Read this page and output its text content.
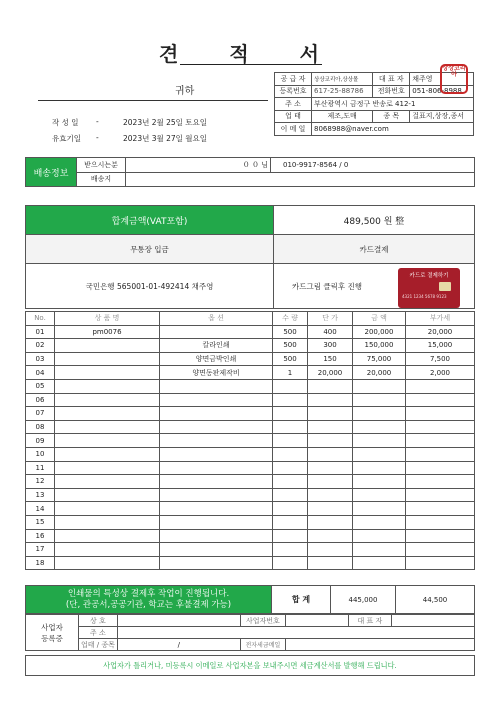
견 적 서
귀하
작 성 일 -	2023년 2월 25일 토요일
유효기일 -	2023년 3월 27일 월요일
공 급 자	상상코리아,상상몰	대 표 자	채주영
등록번호	617-25-88786	전화번호	051-806-8988
주 소	부산광역시 금정구 반송로 412-1		
업 태	제조,도매	종 목	걸표지,상장,종서
이 메 일	8068988@naver.com		
상상코리아
배송정보	받으시는분	０ ０ 님	010-9917-8564 / 0
	배송지		
합계금액(VAT포함)	489,500 원 整
무통장 입금	카드결제
국민은행 565001-01-492414 채주영	카드그림 클릭후 진행
카드로 결제하기
4321 1234 5678 9123
No.	상 품 명	옵 션	수 량	단 가	금 액	부가세
01	pm0076		500	400	200,000	20,000
02		칼라인쇄	500	300	150,000	15,000
03		양면금박인쇄	500	150	75,000	7,500
04		양면동판제작비	1	20,000	20,000	2,000
05						
06						
07						
08						
09						
10						
11						
12						
13						
14						
15						
16						
17						
18						
인쇄물의 특성상 결제후 작업이 진행됩니다.
(단, 관공서,공공기관, 학교는 후불결제 가능)	합 계	445,000	44,500
사업자
등록증	상 호		사업자번호		대 표 자	
	주 소					
	업태 / 종목	/	전자세금메일			
사업자가 틀리거나, 미등록시 이메일로 사업자본을 보내주시면 세금계산서를 발행해 드립니다.
